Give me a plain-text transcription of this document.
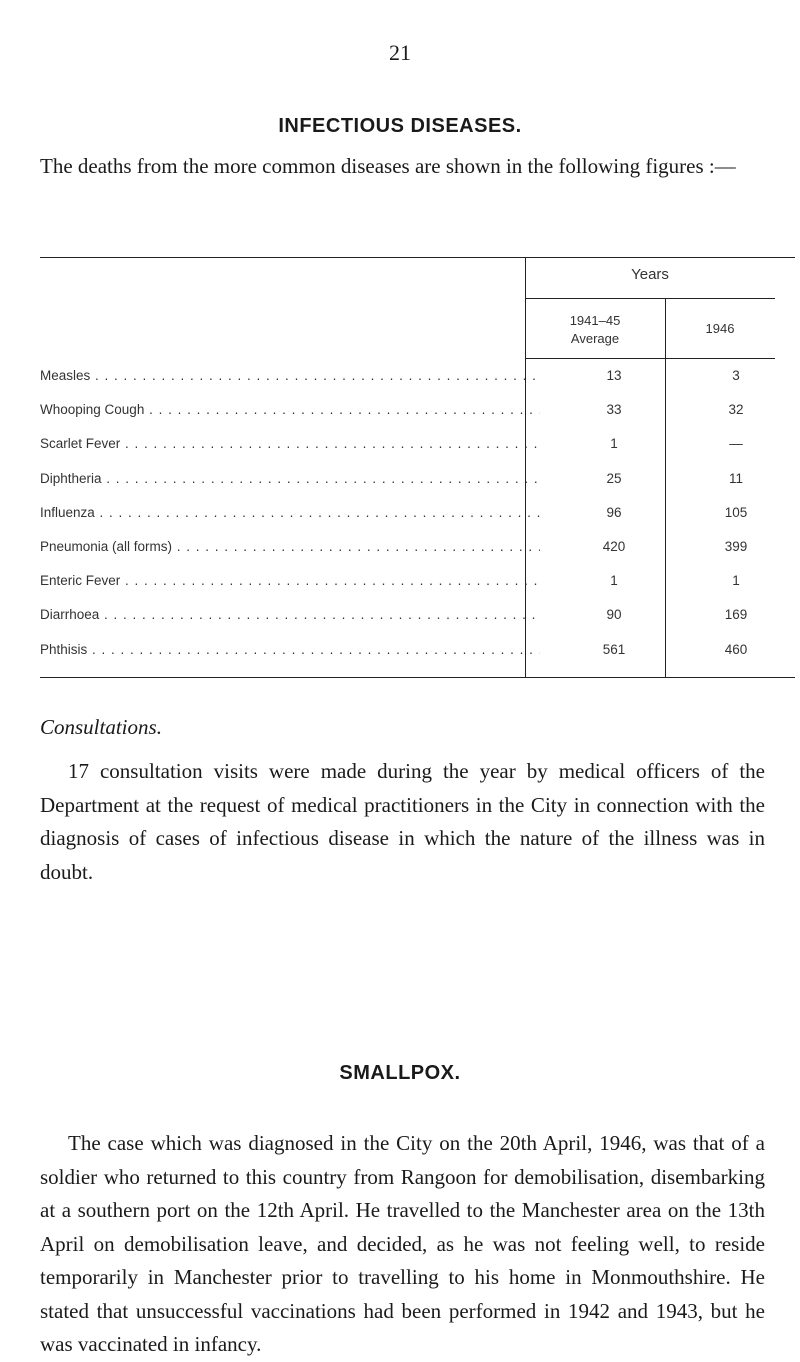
21
INFECTIOUS DISEASES.
The deaths from the more common diseases are shown in the following figures :—
Years
1941–45
Average
1946
Measles . .	13	3
Whooping Cough . .	33	32
Scarlet Fever . .	1	—
Diphtheria . .	25	11
Influenza . .	96	105
Pneumonia (all forms) . .	420	399
Enteric Fever . .	1	1
Diarrhoea . .	90	169
Phthisis . .	561	460
Consultations.
17 consultation visits were made during the year by medical officers of the Department at the request of medical practitioners in the City in connection with the diagnosis of cases of infectious disease in which the nature of the illness was in doubt.
SMALLPOX.
The case which was diagnosed in the City on the 20th April, 1946, was that of a soldier who returned to this country from Rangoon for demobilisation, disembarking at a southern port on the 12th April. He travelled to the Manchester area on the 13th April on demobilisation leave, and decided, as he was not feeling well, to reside temporarily in Manchester prior to travelling to his home in Monmouthshire. He stated that unsuccessful vaccinations had been performed in 1942 and 1943, but he was vaccinated in infancy.
